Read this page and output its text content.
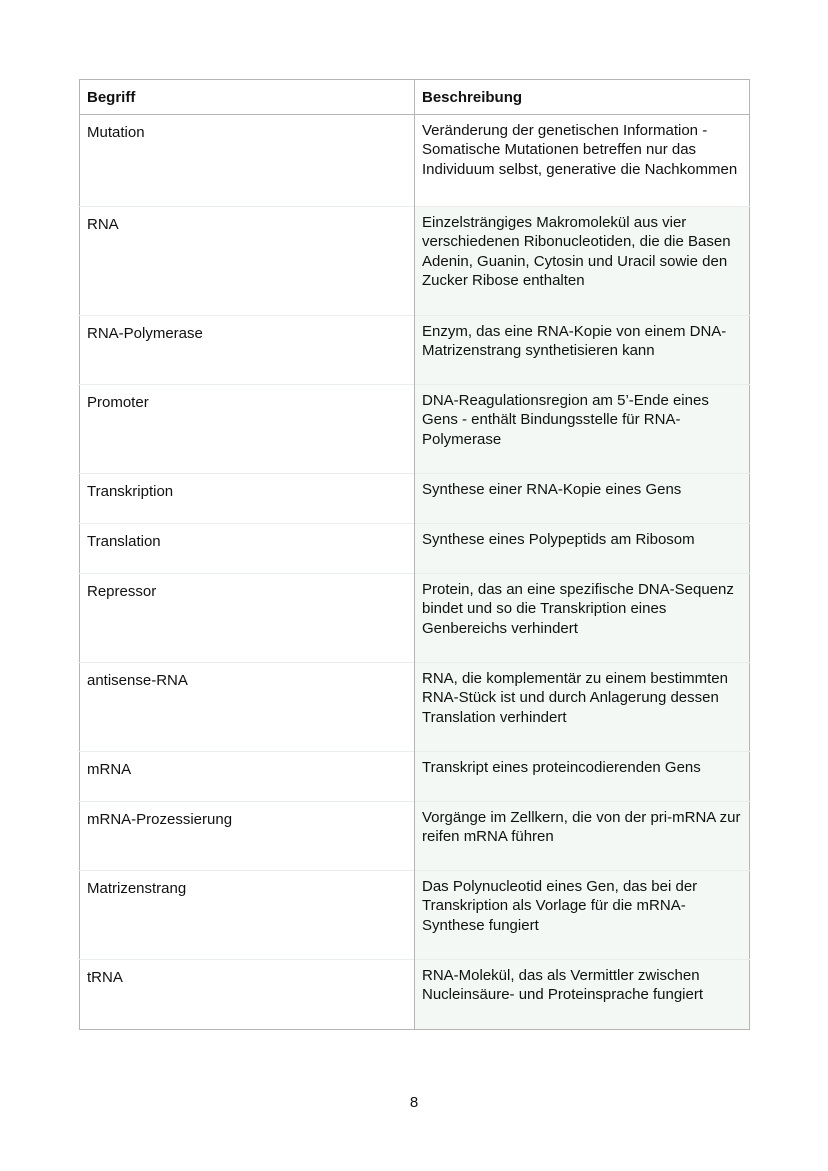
Begriff	Beschreibung
Mutation	Veränderung der genetischen Information - Somatische Mutationen betreffen nur das Individuum selbst, generative die Nachkommen
RNA	Einzelsträngiges Makromolekül aus vier verschiedenen Ribonucleotiden, die die Basen Adenin, Guanin, Cytosin und Uracil sowie den Zucker Ribose enthalten
RNA-Polymerase	Enzym, das eine RNA-Kopie von einem DNA-Matrizenstrang synthetisieren kann
Promoter	DNA-Reagulationsregion am 5’-Ende eines Gens - enthält Bindungsstelle für RNA-Polymerase
Transkription	Synthese einer RNA-Kopie eines Gens
Translation	Synthese eines Polypeptids am Ribosom
Repressor	Protein, das an eine spezifische DNA-Sequenz bindet und so die Transkription eines Genbereichs verhindert
antisense-RNA	RNA, die komplementär zu einem bestimmten RNA-Stück ist und durch Anlagerung dessen Translation verhindert
mRNA	Transkript eines proteincodierenden Gens
mRNA-Prozessierung	Vorgänge im Zellkern, die von der pri-mRNA zur reifen mRNA führen
Matrizenstrang	Das Polynucleotid eines Gen, das bei der Transkription als Vorlage für die mRNA-Synthese fungiert
tRNA	RNA-Molekül, das als Vermittler zwischen Nucleinsäure- und Proteinsprache fungiert
8
